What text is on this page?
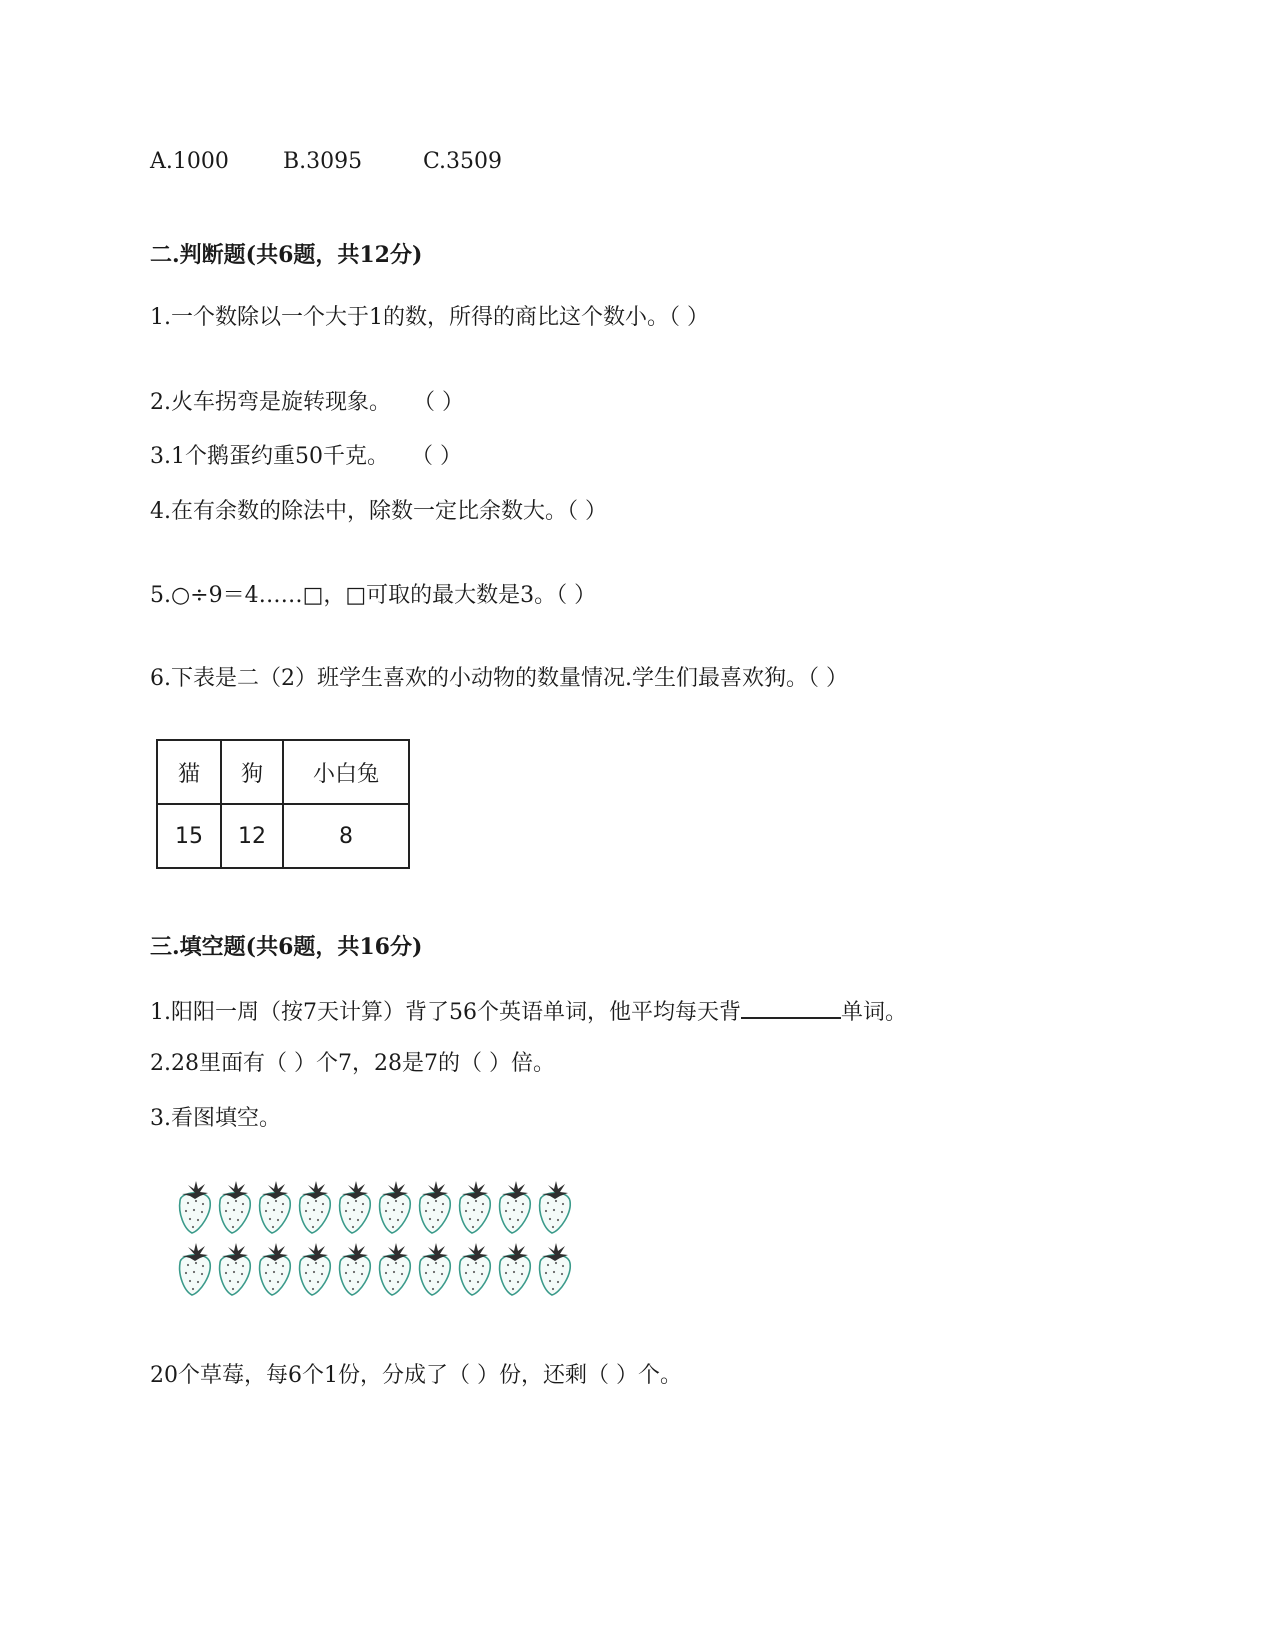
A.1000 B.3095	C.3509
二.判断题(共6题，共12分)
1.一个数除以一个大于1的数，所得的商比这个数小。（ ）
2.火车拐弯是旋转现象。　　（ ）
3.1个鹅蛋约重50千克。　　（ ）
4.在有余数的除法中，除数一定比余数大。（ ）
5.○÷9＝4……□，□可取的最大数是3。（ ）
6.下表是二（2）班学生喜欢的小动物的数量情况.学生们最喜欢狗。（ ）
猫	狗	小白兔
15	12	8
三.填空题(共6题，共16分)
1.阳阳一周（按7天计算）背了56个英语单词，他平均每天背	单词。
2.28里面有（ ）个7，28是7的（ ）倍。
3.看图填空。
20个草莓，每6个1份，分成了（ ）份，还剩（ ）个。
